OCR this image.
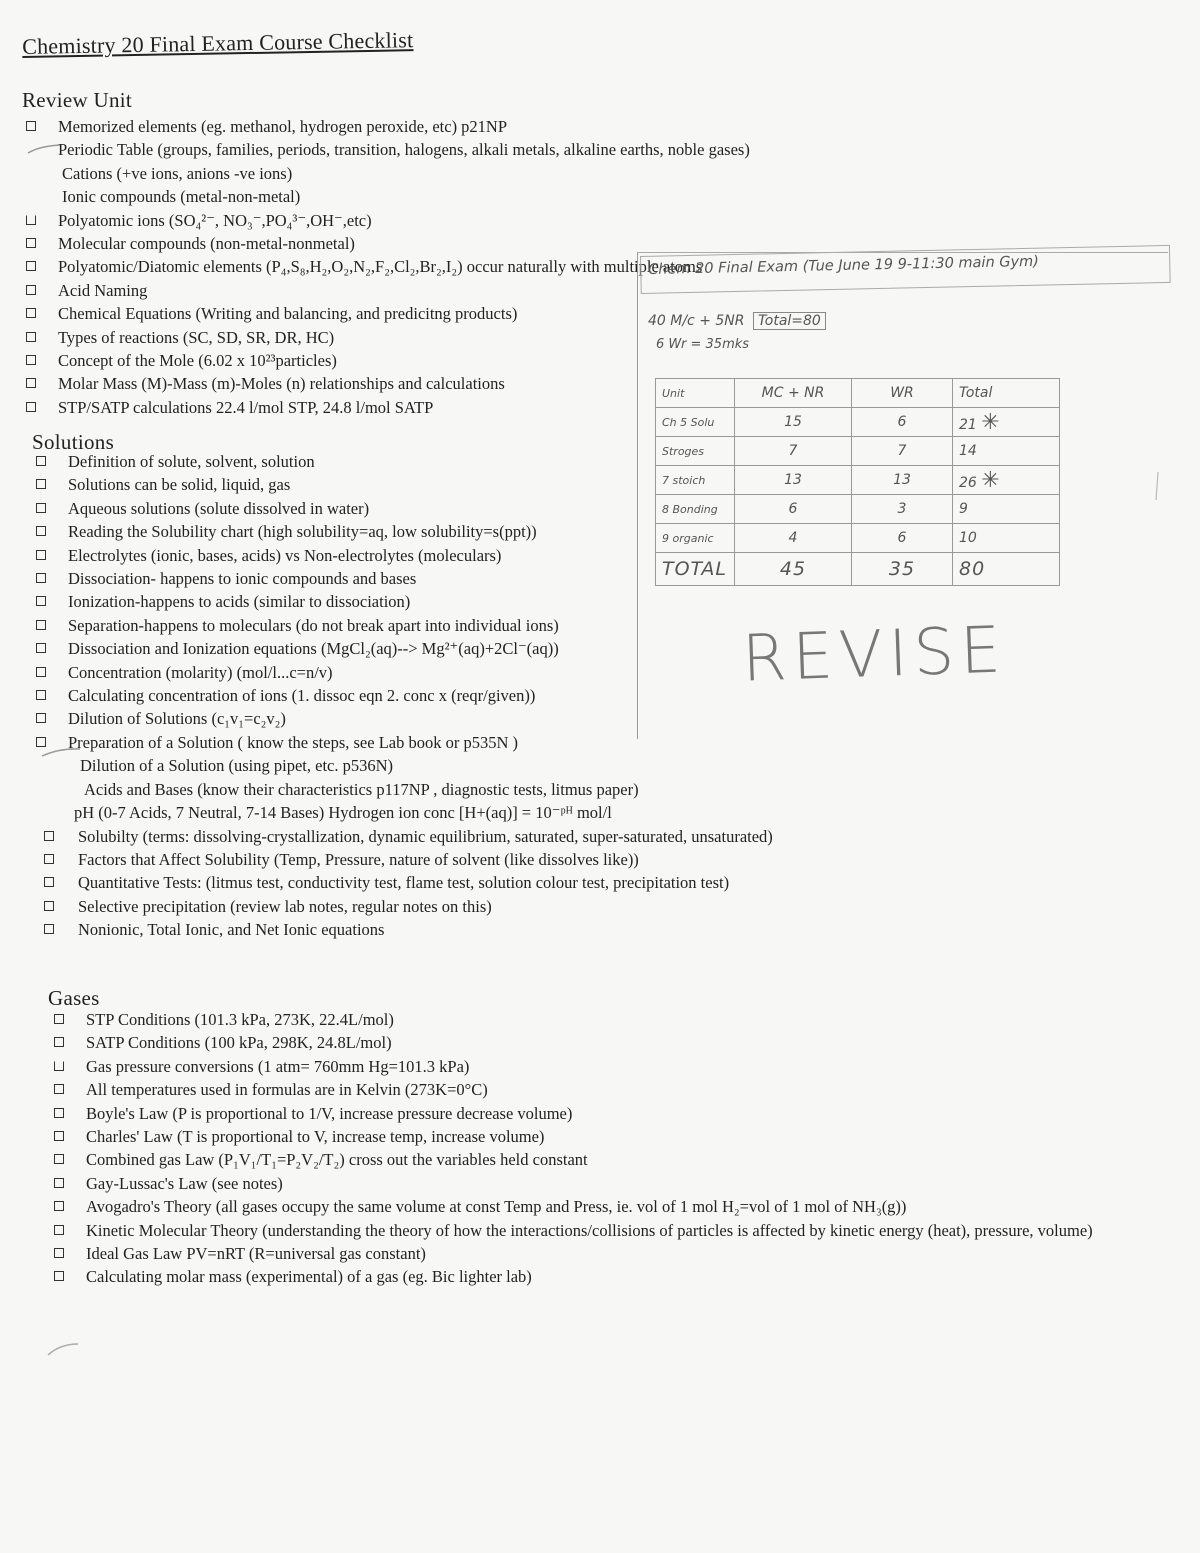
Chemistry 20 Final Exam Course Checklist
Review Unit
Memorized elements (eg. methanol, hydrogen peroxide, etc) p21NP
Periodic Table (groups, families, periods, transition, halogens, alkali metals, alkaline earths, noble gases)
Cations (+ve ions, anions -ve ions)
Ionic compounds (metal-non-metal)
Polyatomic ions (SO₄²⁻, NO₃⁻,PO₄³⁻,OH⁻,etc)
Molecular compounds (non-metal-nonmetal)
Polyatomic/Diatomic elements (P₄,S₈,H₂,O₂,N₂,F₂,Cl₂,Br₂,I₂) occur naturally with multiple atoms
Acid Naming
Chemical Equations (Writing and balancing, and predicitng products)
Types of reactions (SC, SD, SR, DR, HC)
Concept of the Mole (6.02 x 10²³particles)
Molar Mass (M)-Mass (m)-Moles (n) relationships and calculations
STP/SATP calculations 22.4 l/mol STP, 24.8 l/mol SATP
Solutions
Definition of solute, solvent, solution
Solutions can be solid, liquid, gas
Aqueous solutions (solute dissolved in water)
Reading the Solubility chart (high solubility=aq, low solubility=s(ppt))
Electrolytes (ionic, bases, acids) vs Non-electrolytes (moleculars)
Dissociation- happens to ionic compounds and bases
Ionization-happens to acids (similar to dissociation)
Separation-happens to moleculars (do not break apart into individual ions)
Dissociation and Ionization equations (MgCl₂(aq)--> Mg²⁺(aq)+2Cl⁻(aq))
Concentration (molarity) (mol/l...c=n/v)
Calculating concentration of ions (1. dissoc eqn 2. conc x (reqr/given))
Dilution of Solutions (c₁v₁=c₂v₂)
Preparation of a Solution ( know the steps, see Lab book or p535N )
Dilution of a Solution (using pipet, etc. p536N)
Acids and Bases (know their characteristics p117NP , diagnostic tests, litmus paper)
pH (0-7 Acids, 7 Neutral, 7-14 Bases) Hydrogen ion conc [H+(aq)] = 10⁻ᵖᴴ mol/l
Solubilty (terms: dissolving-crystallization, dynamic equilibrium, saturated, super-saturated, unsaturated)
Factors that Affect Solubility (Temp, Pressure, nature of solvent (like dissolves like))
Quantitative Tests: (litmus test, conductivity test, flame test, solution colour test, precipitation test)
Selective precipitation (review lab notes, regular notes on this)
Nonionic, Total Ionic, and Net Ionic equations
Gases
STP Conditions (101.3 kPa, 273K, 22.4L/mol)
SATP Conditions (100 kPa, 298K, 24.8L/mol)
Gas pressure conversions (1 atm= 760mm Hg=101.3 kPa)
All temperatures used in formulas are in Kelvin (273K=0°C)
Boyle's Law (P is proportional to 1/V, increase pressure decrease volume)
Charles' Law (T is proportional to V, increase temp, increase volume)
Combined gas Law (P₁V₁/T₁=P₂V₂/T₂) cross out the variables held constant
Gay-Lussac's Law (see notes)
Avogadro's Theory (all gases occupy the same volume at const Temp and Press, ie. vol of 1 mol H₂=vol of 1 mol of NH₃(g))
Kinetic Molecular Theory (understanding the theory of how the interactions/collisions of particles is affected by kinetic energy (heat), pressure, volume)
Ideal Gas Law PV=nRT (R=universal gas constant)
Calculating molar mass (experimental) of a gas (eg. Bic lighter lab)
Chem 20 Final Exam (Tue June 19 9-11:30 main Gym)
40 M/c + 5NR Total=80
6 Wr = 35mks
Unit	MC + NR	WR	Total
Ch 5 Solu	15	6	21 ✳
Stroges	7	7	14
7 stoich	13	13	26 ✳
8 Bonding	6	3	9
9 organic	4	6	10
TOTAL	45	35	80
REVISE
